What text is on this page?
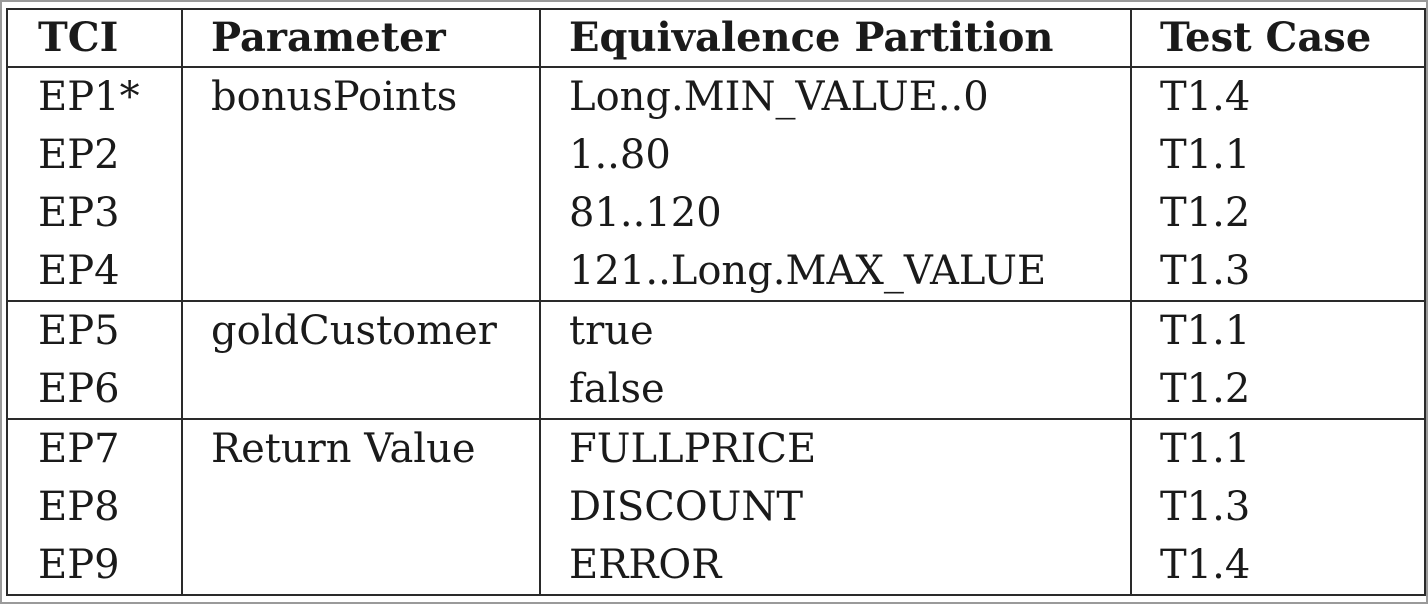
TCI	Parameter	Equivalence Partition	Test Case
EP1*	bonusPoints	Long.MIN_VALUE..0	T1.4
EP2		1..80	T1.1
EP3		81..120	T1.2
EP4		121..Long.MAX_VALUE	T1.3
EP5	goldCustomer	true	T1.1
EP6		false	T1.2
EP7	Return Value	FULLPRICE	T1.1
EP8		DISCOUNT	T1.3
EP9		ERROR	T1.4
